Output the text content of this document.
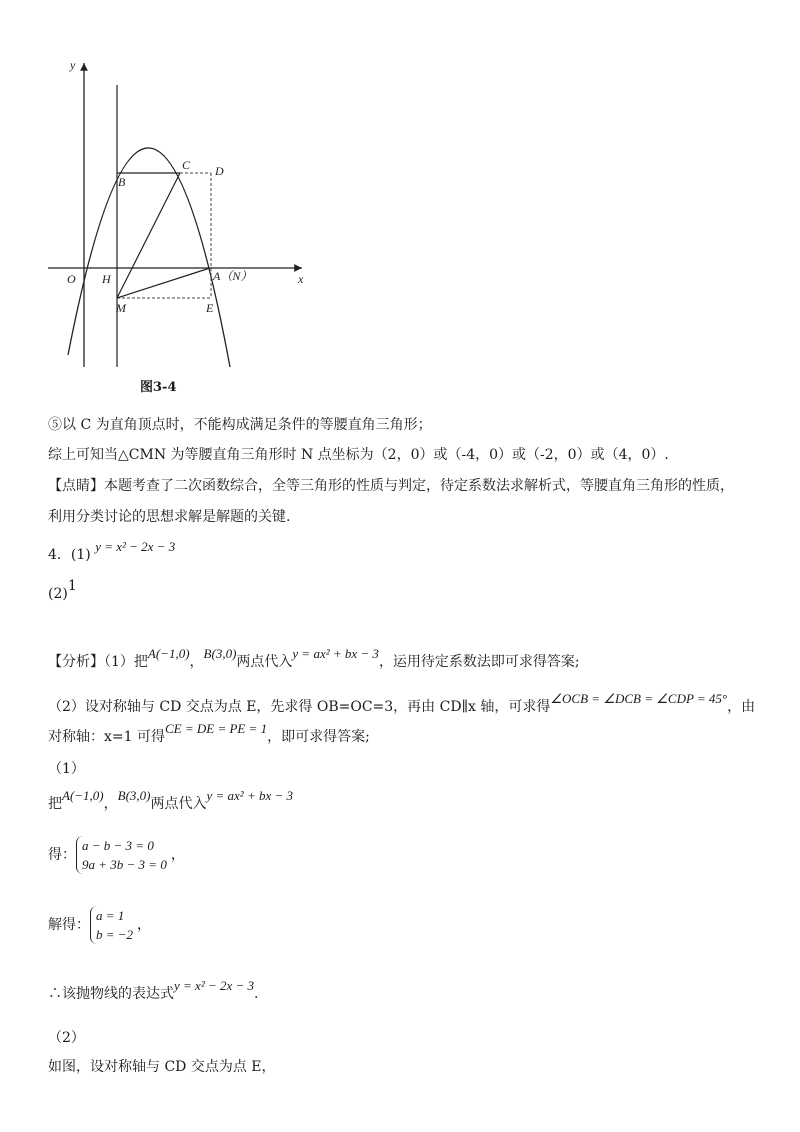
y
x
O H
B
C D
A（N）
M	E
图3-4
⑤以 C 为直角顶点时，不能构成满足条件的等腰直角三角形；
综上可知当△CMN 为等腰直角三角形时 N 点坐标为（2，0）或（-4，0）或（-2，0）或（4，0）.
【点睛】本题考查了二次函数综合，全等三角形的性质与判定，待定系数法求解析式，等腰直角三角形的性质，
利用分类讨论的思想求解是解题的关键.
4．(1) y = x² − 2x − 3
(2)1
【分析】（1）把A(−1,0)，B(3,0)两点代入y = ax² + bx − 3，运用待定系数法即可求得答案;
（2）设对称轴与 CD 交点为点 E，先求得 OB=OC=3，再由 CD∥x 轴，可求得∠OCB = ∠DCB = ∠CDP = 45°，由
对称轴：x=1 可得CE = DE = PE = 1，即可求得答案;
（1）
把A(−1,0)，B(3,0)两点代入y = ax² + bx − 3
得：
a − b − 3 = 0
9a + 3b − 3 = 0
，
解得：
a = 1
b = −2
，
∴该抛物线的表达式y = x² − 2x − 3.
（2）
如图，设对称轴与 CD 交点为点 E，
